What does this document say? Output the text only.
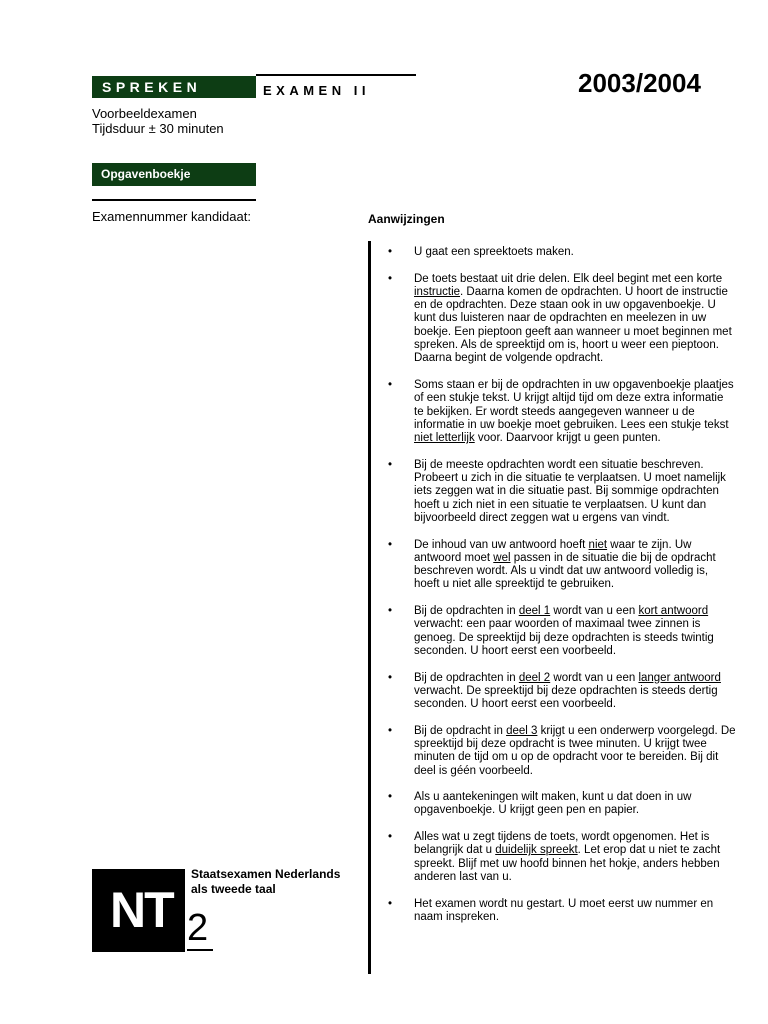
SPREKEN	EXAMEN II	2003/2004
Voorbeeldexamen
Tijdsduur ± 30 minuten
Opgavenboekje
Examennummer kandidaat:	Aanwijzingen
• U gaat een spreektoets maken.
• De toets bestaat uit drie delen. Elk deel begint met een korte instructie. Daarna komen de opdrachten. U hoort de instructie en de opdrachten. Deze staan ook in uw opgavenboekje. U kunt dus luisteren naar de opdrachten en meelezen in uw boekje. Een pieptoon geeft aan wanneer u moet beginnen met spreken. Als de spreektijd om is, hoort u weer een pieptoon. Daarna begint de volgende opdracht.
• Soms staan er bij de opdrachten in uw opgavenboekje plaatjes of een stukje tekst. U krijgt altijd tijd om deze extra informatie te bekijken. Er wordt steeds aangegeven wanneer u de informatie in uw boekje moet gebruiken. Lees een stukje tekst niet letterlijk voor. Daarvoor krijgt u geen punten.
• Bij de meeste opdrachten wordt een situatie beschreven. Probeert u zich in die situatie te verplaatsen. U moet namelijk iets zeggen wat in die situatie past. Bij sommige opdrachten hoeft u zich niet in een situatie te verplaatsen. U kunt dan bijvoorbeeld direct zeggen wat u ergens van vindt.
• De inhoud van uw antwoord hoeft niet waar te zijn. Uw antwoord moet wel passen in de situatie die bij de opdracht beschreven wordt. Als u vindt dat uw antwoord volledig is, hoeft u niet alle spreektijd te gebruiken.
• Bij de opdrachten in deel 1 wordt van u een kort antwoord verwacht: een paar woorden of maximaal twee zinnen is genoeg. De spreektijd bij deze opdrachten is steeds twintig seconden. U hoort eerst een voorbeeld.
• Bij de opdrachten in deel 2 wordt van u een langer antwoord verwacht. De spreektijd bij deze opdrachten is steeds dertig seconden. U hoort eerst een voorbeeld.
• Bij de opdracht in deel 3 krijgt u een onderwerp voorgelegd. De spreektijd bij deze opdracht is twee minuten. U krijgt twee minuten de tijd om u op de opdracht voor te bereiden. Bij dit deel is géén voorbeeld.
• Als u aantekeningen wilt maken, kunt u dat doen in uw opgavenboekje. U krijgt geen pen en papier.
• Alles wat u zegt tijdens de toets, wordt opgenomen. Het is belangrijk dat u duidelijk spreekt. Let erop dat u niet te zacht spreekt. Blijf met uw hoofd binnen het hokje, anders hebben anderen last van u.
• Het examen wordt nu gestart. U moet eerst uw nummer en naam inspreken.
NT 2
Staatsexamen Nederlands
als tweede taal
